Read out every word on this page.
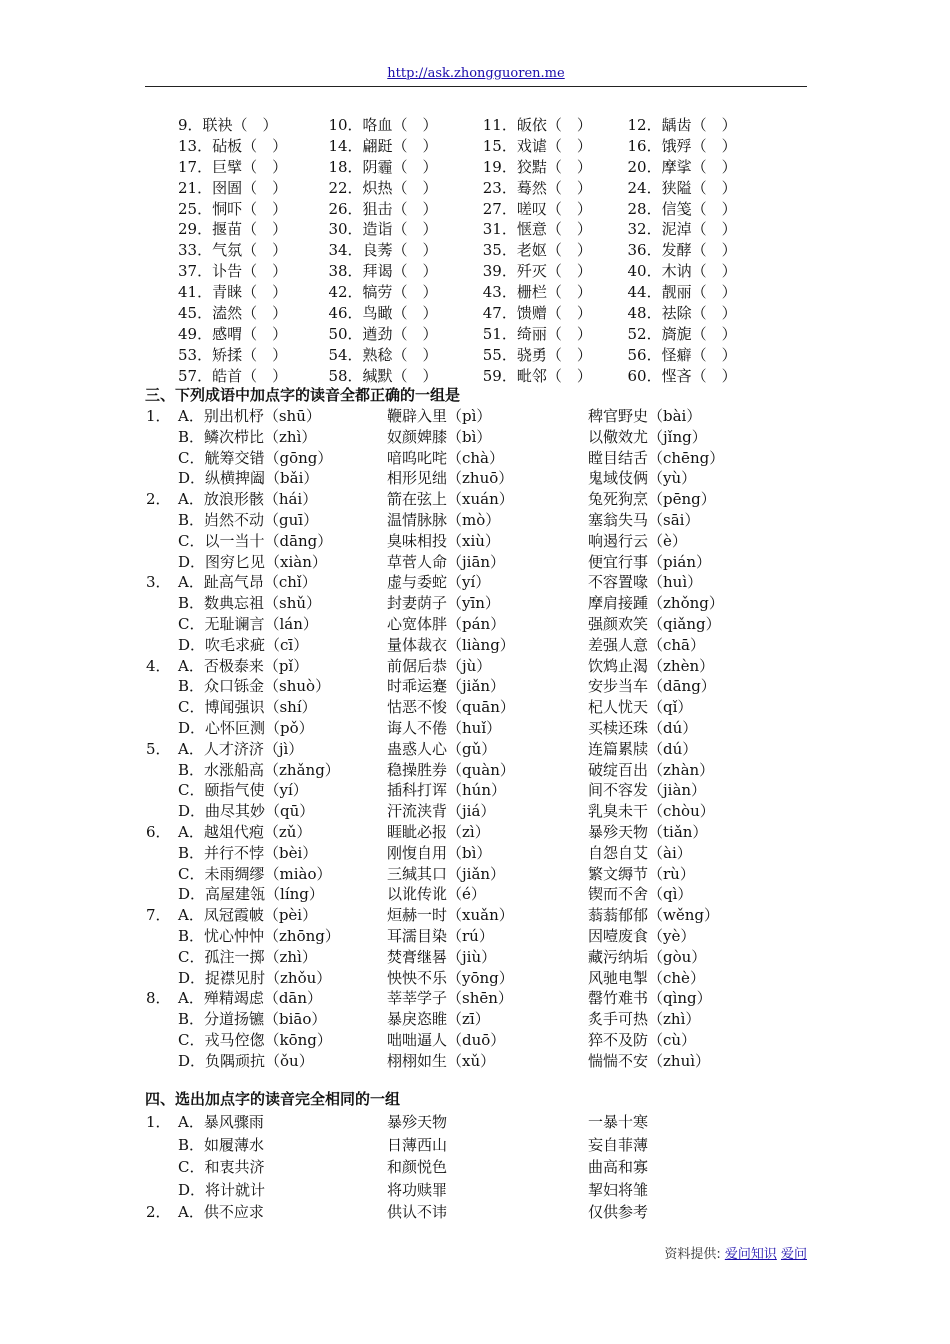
http://ask.zhongguoren.me
9．联袂（　）	10．咯血（　）	11．皈依（　）	12．龋齿（　）
13．砧板（　）	14．翩跹（　）	15．戏谑（　）	16．饿殍（　）
17．巨擘（　）	18．阴霾（　）	19．狡黠（　）	20．摩挲（　）
21．囹圄（　）	22．炽热（　）	23．蓦然（　）	24．狭隘（　）
25．恫吓（　）	26．狙击（　）	27．嗟叹（　）	28．信笺（　）
29．揠苗（　）	30．造诣（　）	31．惬意（　）	32．泥淖（　）
33．气氛（　）	34．良莠（　）	35．老妪（　）	36．发酵（　）
37．讣告（　）	38．拜谒（　）	39．歼灭（　）	40．木讷（　）
41．青睐（　）	42．犒劳（　）	43．栅栏（　）	44．靓丽（　）
45．溘然（　）	46．鸟瞰（　）	47．馈赠（　）	48．祛除（　）
49．感喟（　）	50．遒劲（　）	51．绮丽（　）	52．旖旎（　）
53．矫揉（　）	54．熟稔（　）	55．骁勇（　）	56．怪癖（　）
57．皓首（　）	58．缄默（　）	59．毗邻（　）	60．悭吝（　）
三、下列成语中加点字的读音全都正确的一组是
1． A．别出机杼（shū）	鞭辟入里（pì）	稗官野史（bài）
B．鳞次栉比（zhì）	奴颜婢膝（bì）	以儆效尤（jǐng）
C．觥筹交错（gōng）	喑呜叱咤（chà）	瞠目结舌（chēng）
D．纵横捭阖（bǎi）	相形见绌（zhuō）	鬼域伎俩（yù）
2． A．放浪形骸（hái）	箭在弦上（xuán）	兔死狗烹（pēng）
B．岿然不动（guī）	温情脉脉（mò）	塞翁失马（sāi）
C．以一当十（dāng）	臭味相投（xiù）	响遏行云（è）
D．图穷匕见（xiàn）	草菅人命（jiān）	便宜行事（pián）
3． A．趾高气昂（chǐ）	虚与委蛇（yí）	不容置喙（huì）
B．数典忘祖（shǔ）	封妻荫子（yīn）	摩肩接踵（zhǒng）
C．无耻谰言（lán）	心宽体胖（pán）	强颜欢笑（qiǎng）
D．吹毛求疵（cī）	量体裁衣（liàng）	差强人意（chā）
4． A．否极泰来（pǐ）	前倨后恭（jù）	饮鸩止渴（zhèn）
B．众口铄金（shuò）	时乖运蹇（jiǎn）	安步当车（dāng）
C．博闻强识（shí）	怙恶不悛（quān）	杞人忧天（qǐ）
D．心怀叵测（pǒ）	诲人不倦（huǐ）	买椟还珠（dú）
5． A．人才济济（jì）	蛊惑人心（gǔ）	连篇累牍（dú）
B．水涨船高（zhǎng）	稳操胜券（quàn）	破绽百出（zhàn）
C．颐指气使（yí）	插科打诨（hún）	间不容发（jiàn）
D．曲尽其妙（qū）	汗流浃背（jiá）	乳臭未干（chòu）
6． A．越俎代疱（zǔ）	睚眦必报（zì）	暴殄天物（tiǎn）
B．并行不悖（bèi）	刚愎自用（bì）	自怨自艾（ài）
C．未雨绸缪（miào）	三缄其口（jiǎn）	繁文缛节（rù）
D．高屋建瓴（líng）	以讹传讹（é）	锲而不舍（qì）
7． A．凤冠霞帔（pèi）	烜赫一时（xuǎn）	蓊蓊郁郁（wěng）
B．忧心忡忡（zhōng）	耳濡目染（rú）	因噎废食（yè）
C．孤注一掷（zhì）	焚膏继晷（jiù）	藏污纳垢（gòu）
D．捉襟见肘（zhǒu）	怏怏不乐（yōng）	风驰电掣（chè）
8． A．殚精竭虑（dān）	莘莘学子（shēn）	罄竹难书（qìng）
B．分道扬镳（biāo）	暴戾恣睢（zī）	炙手可热（zhì）
C．戎马倥偬（kōng）	咄咄逼人（duō）	猝不及防（cù）
D．负隅顽抗（ǒu）	栩栩如生（xǔ）	惴惴不安（zhuì）
四、选出加点字的读音完全相同的一组
1． A．暴风骤雨	暴殄天物	一暴十寒
B．如履薄水	日薄西山	妄自菲薄
C．和衷共济	和颜悦色	曲高和寡
D．将计就计	将功赎罪	挈妇将雏
2． A．供不应求	供认不讳	仅供参考
资料提供: 爱问知识 爱问
